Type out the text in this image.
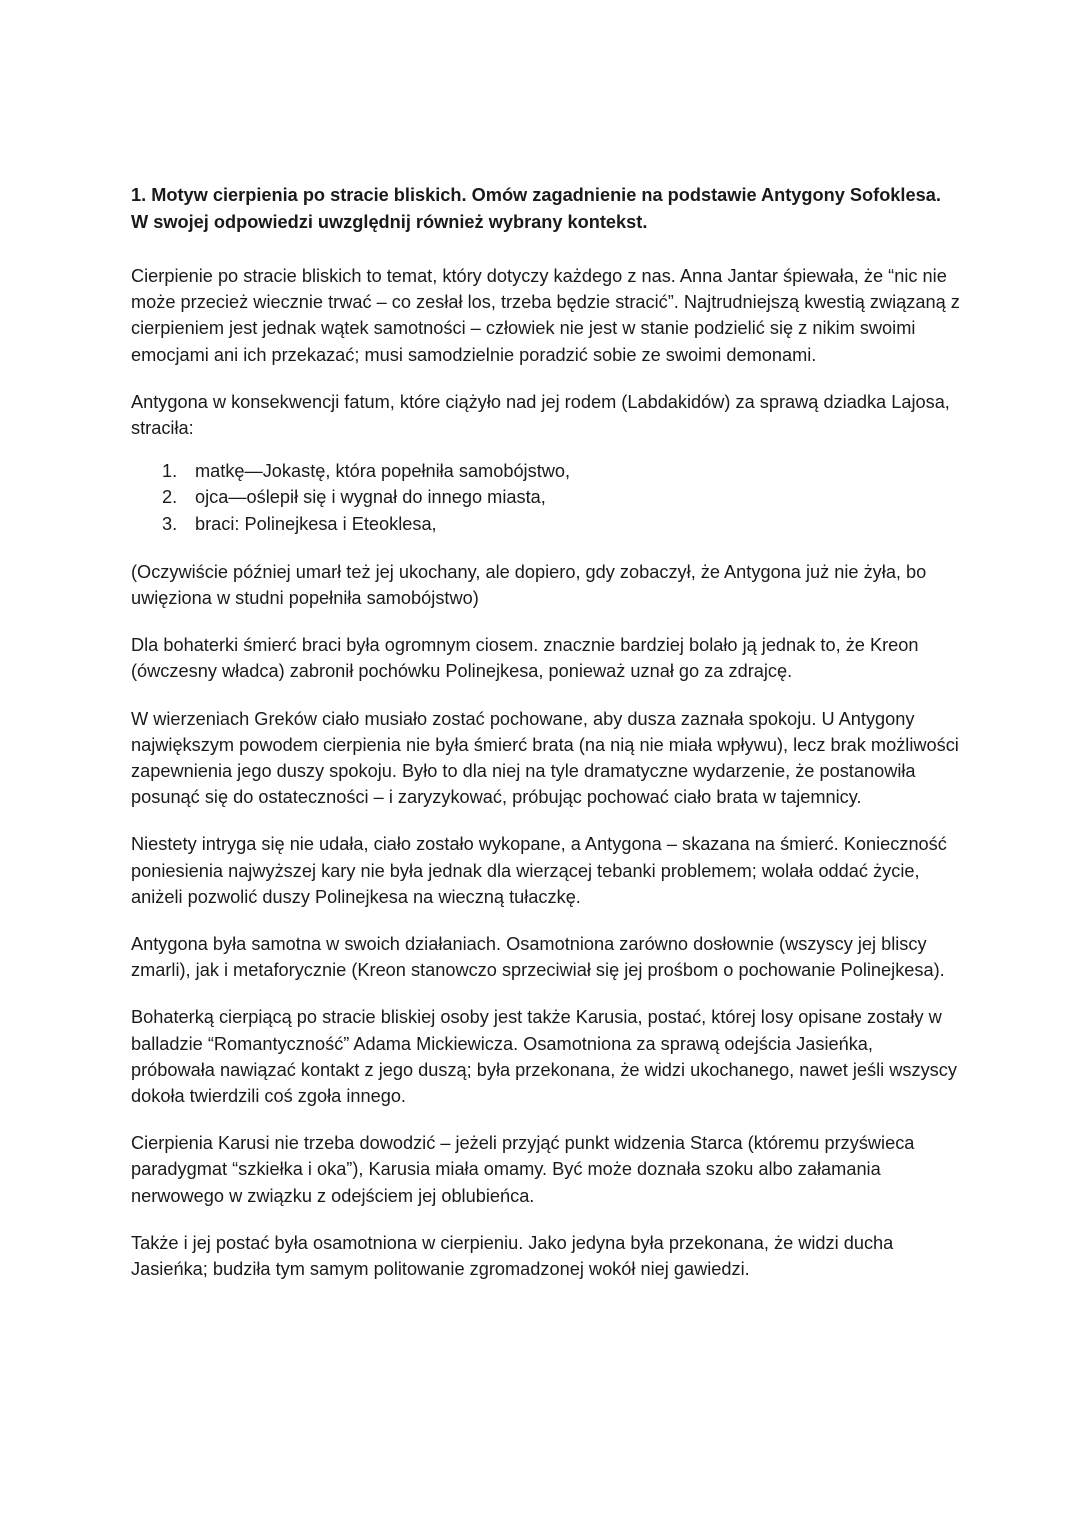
1. Motyw cierpienia po stracie bliskich. Omów zagadnienie na podstawie Antygony Sofoklesa. W swojej odpowiedzi uwzględnij również wybrany kontekst.

Cierpienie po stracie bliskich to temat, który dotyczy każdego z nas. Anna Jantar śpiewała, że “nic nie może przecież wiecznie trwać – co zesłał los, trzeba będzie stracić”. Najtrudniejszą kwestią związaną z cierpieniem jest jednak wątek samotności – człowiek nie jest w stanie podzielić się z nikim swoimi emocjami ani ich przekazać; musi samodzielnie poradzić sobie ze swoimi demonami.

Antygona w konsekwencji fatum, które ciążyło nad jej rodem (Labdakidów) za sprawą dziadka Lajosa, straciła:

1. matkę—Jokastę, która popełniła samobójstwo,
2. ojca—oślepił się i wygnał do innego miasta,
3. braci: Polinejkesa i Eteoklesa,

(Oczywiście później umarł też jej ukochany, ale dopiero, gdy zobaczył, że Antygona już nie żyła, bo uwięziona w studni popełniła samobójstwo)

Dla bohaterki śmierć braci była ogromnym ciosem. znacznie bardziej bolało ją jednak to, że Kreon (ówczesny władca) zabronił pochówku Polinejkesa, ponieważ uznał go za zdrajcę.

W wierzeniach Greków ciało musiało zostać pochowane, aby dusza zaznała spokoju. U Antygony największym powodem cierpienia nie była śmierć brata (na nią nie miała wpływu), lecz brak możliwości zapewnienia jego duszy spokoju. Było to dla niej na tyle dramatyczne wydarzenie, że postanowiła posunąć się do ostateczności – i zaryzykować, próbując pochować ciało brata w tajemnicy.

Niestety intryga się nie udała, ciało zostało wykopane, a Antygona – skazana na śmierć. Konieczność poniesienia najwyższej kary nie była jednak dla wierzącej tebanki problemem; wolała oddać życie, aniżeli pozwolić duszy Polinejkesa na wieczną tułaczkę.

Antygona była samotna w swoich działaniach. Osamotniona zarówno dosłownie (wszyscy jej bliscy zmarli), jak i metaforycznie (Kreon stanowczo sprzeciwiał się jej prośbom o pochowanie Polinejkesa).

Bohaterką cierpiącą po stracie bliskiej osoby jest także Karusia, postać, której losy opisane zostały w balladzie “Romantyczność” Adama Mickiewicza. Osamotniona za sprawą odejścia Jasieńka, próbowała nawiązać kontakt z jego duszą; była przekonana, że widzi ukochanego, nawet jeśli wszyscy dokoła twierdzili coś zgoła innego.

Cierpienia Karusi nie trzeba dowodzić – jeżeli przyjąć punkt widzenia Starca (któremu przyświeca paradygmat “szkiełka i oka”), Karusia miała omamy. Być może doznała szoku albo załamania nerwowego w związku z odejściem jej oblubieńca.

Także i jej postać była osamotniona w cierpieniu. Jako jedyna była przekonana, że widzi ducha Jasieńka; budziła tym samym politowanie zgromadzonej wokół niej gawiedzi.
